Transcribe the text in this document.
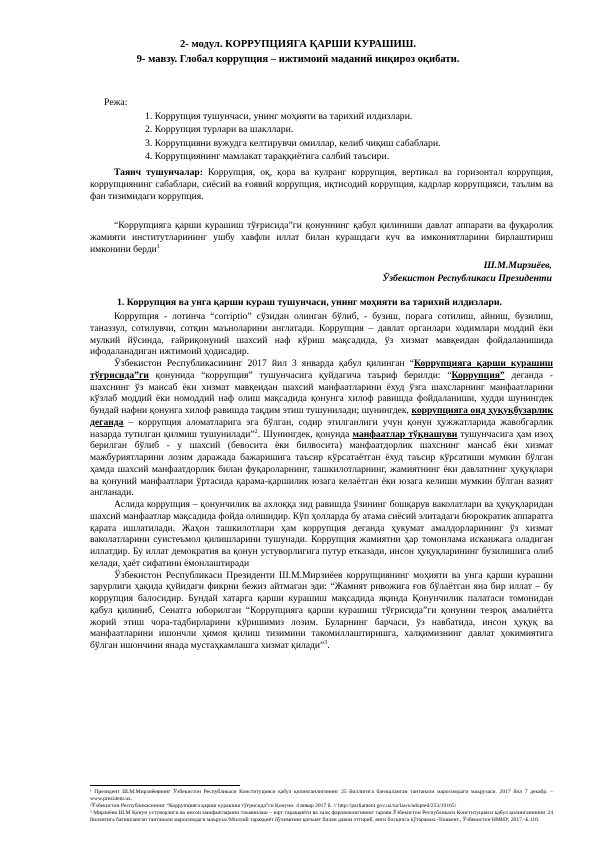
2- модул. КОРРУПЦИЯГА ҚАРШИ КУРАШИШ.
9- мавзу. Глобал коррупция – ижтимоий маданий инқироз оқибати.
Режа:
1. Коррупция тушунчаси, унинг моҳияти ва тарихий илдизлари.
2. Коррупция турлари ва шакллари.
3. Коррупцияни вужудга келтирувчи омиллар, келиб чиқиш сабаблари.
4. Коррупциянинг мамлакат тараққиётига салбий таъсири.

Таянч тушунчалар: Коррупция, оқ, қора ва кулранг коррупция, вертикал ва горизонтал коррупция, коррупциянинг сабаблари, сиёсий ва ғоявий коррупция, иқтисодий коррупция, кадрлар коррупцияси, таълим ва фан тизимидаги коррупция.

“Коррупцияга қарши курашиш тўғрисида”ги қонуннинг қабул қилиниши давлат аппарати ва фуқаролик жамияти институтларининг ушбу хавфли иллат билан курашдаги куч ва имкониятларини бирлаштириш имконини берди$^1$

Ш.М.Мирзиёев,
Ўзбекистон Республикаси Президенти
1. Коррупция ва унга қарши кураш тушунчаси, унинг моҳияти ва тарихий илдизлари.

Коррупция - лотинча “corriptio” сўзидан олинган бўлиб, - бузиш, порага сотилиш, айниш, бузилиш, таназзул, сотилувчи, сотқин маъноларини англатади. Коррупция – давлат органлари ходимлари моддий ёки мулкий йўсинда, ғайриқонуний шахсий наф кўриш мақсадида, ўз хизмат мавқеидан фойдаланишида ифодаланадиган ижтимоий ҳодисадир.

Ўзбекистон Республикасининг 2017 йил 3 январда қабул қилинган “Коррупцияга қарши курашиш тўғрисида”ги қонунида “коррупция” тушунчасига қуйдагича таъриф берилди: “Коррупция” деганда - шахснинг ўз мансаб ёки хизмат мавқеидан шахсий манфаатларини ёхуд ўзга шахсларнинг манфаатларини кўзлаб моддий ёки номоддий наф олиш мақсадида қонунга хилоф равишда фойдаланиши, худди шунингдек бундай нафни қонунга хилоф равишда тақдим этиш тушунилади; шунингдек, коррупцияга оид ҳуқуқбузарлик деганда – коррупция аломатларига эга бўлган, содир этилганлиги учун қонун ҳужжатларида жавобгарлик назарда тутилган қилмиш тушунилади”$^2$. Шунингдек, қонунда манфаатлар тўқнашуви тушунчасига ҳам изоҳ берилган бўлиб - у шахсий (бевосита ёки билвосита) манфаатдорлик шахснинг мансаб ёки хизмат мажбуриятларини лозим даражада бажаришига таъсир кўрсатаётган ёхуд таъсир кўрсатиши мумкин бўлган ҳамда шахсий манфаатдорлик билан фуқароларнинг, ташкилотларнинг, жамиятнинг ёки давлатнинг ҳуқуқлари ва қонуний манфаатлари ўртасида қарама-қаршилик юзага келаётган ёки юзага келиши мумкин бўлган вазият англанади.

Аслида коррупция – қонунчилик ва ахлоққа зид равишда ўзининг бошқарув ваколатлари ва ҳуқуқларидан шахсий манфаатлар мақсадида фойда олишидир. Кўп ҳолларда бу атама сиёсий элитадаги бюрократик аппаратга қарата ишлатилади. Жаҳон ташкилотлари ҳам коррупция деганда ҳукумат амалдорларининг ўз хизмат ваколатларини суистеъмол қилишларини тушунади. Коррупция жамиятни ҳар томонлама исканжага оладиган иллатдир. Бу иллат демократия ва қонун устуворлигига путур етказади, инсон ҳуқуқларининг бузилишига олиб келади, ҳаёт сифатини ёмонлаштиради

Ўзбекистон Республикаси Президенти Ш.М.Мирзиёев коррупциянинг моҳияти ва унга қарши курашни зарурлиги ҳақида қуйидаги фикрни бежиз айтмаган эди: “Жамият ривожига ғов бўлаётган яна бир иллат – бу коррупция балосидир. Бундай хатарга қарши курашиш мақсадида яқинда Қонунчилик палатаси томонидан қабул қилиниб, Сенатга юборилган “Коррупцияга қарши курашиш тўғрисида”ги қонунни тезроқ амалиётга жорий этиш чора-тадбирларини кўришимиз лозим. Буларнинг барчаси, ўз навбатида, инсон ҳуқуқ ва манфаатларини ишончли ҳимоя қилиш тизимини такомиллаштиришга, халқимизнинг давлат ҳокимиятига бўлган ишончини янада мустаҳкамлашга хизмат қилади”$^3$.

¹ Президент Ш.М.Мирзиёевнинг Ўзбекистон Республикаси Конституцияси қабул қилинганлигининг 25 йиллигига бағишланган тантанали маросимдаги маърузаси. 2017 йил 7 декабр. – www.prezident.uz.

²Ўзбекистон Республикасининг “Коррупцияга қарши курашиш тўғрисида”ги Қонуни. 4 январ 2017 й. // http://parliament.gov.uz/uz/laws/adopted/253/19165/

³ Мирзиёев Ш.М Қонун устуворлиги ва инсон манфаатларини таъминлаш – юрт тараққиёти ва халқ фаровонлигининг гарови.Ўзбекистон Республикаси Конституцияси қабул қилинганининг 24 йиллигига бағишланган тантанали маросимдаги маъруза//Миллий тараққиёт йўлимизни қатъият билан давом эттириб, янги босқичга кўтарамиз.-Тошкент., Ўзбекистон НМИУ, 2017.-Б.110.
